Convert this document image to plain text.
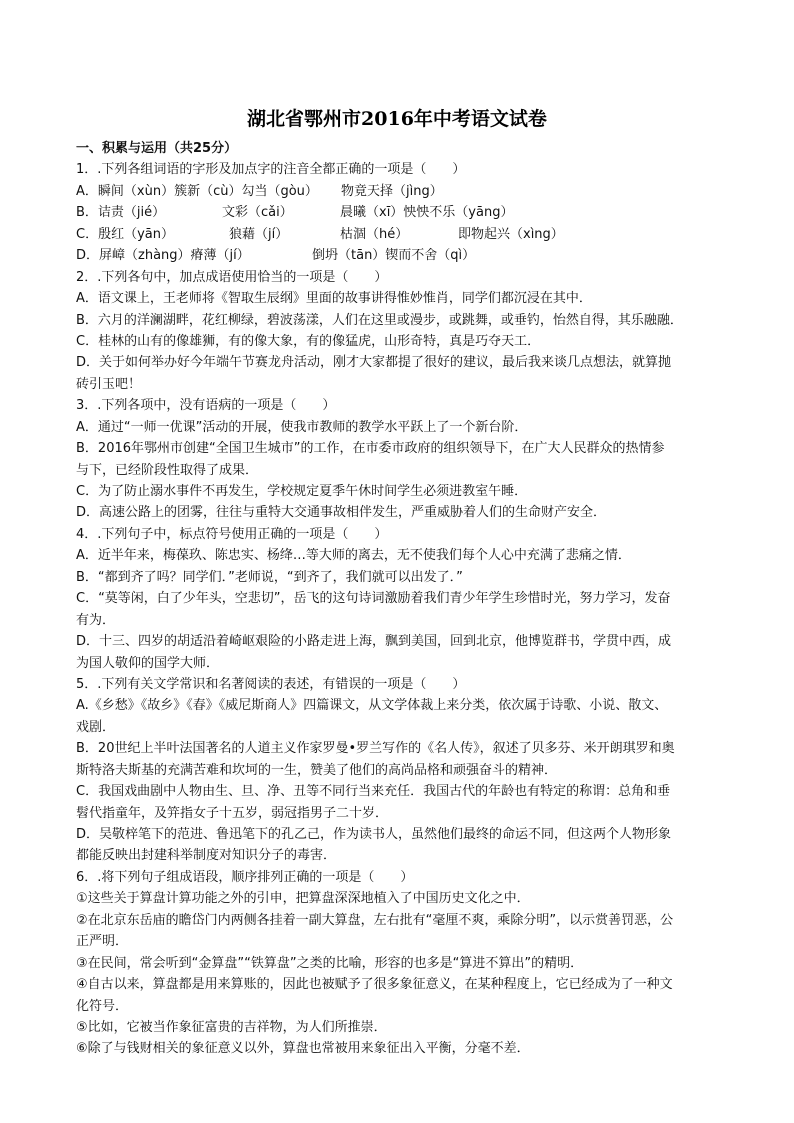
湖北省鄂州市2016年中考语文试卷
一、积累与运用（共25分）
1．.下列各组词语的字形及加点字的注音全都正确的一项是（　　）
A．瞬间（xùn）簇新（cù）勾当（gòu） 物竟天择（jìng）
B．诘责（jié）	文彩（cǎi）	晨曦（xī）怏怏不乐（yāng）
C．殷红（yān）	狼藉（jí）	枯涸（hé）	即物起兴（xìng）
D．屏嶂（zhàng）瘠薄（jí）	倒坍（tān）锲而不舍（qì）
2．.下列各句中，加点成语使用恰当的一项是（　　）
A．语文课上，王老师将《智取生辰纲》里面的故事讲得惟妙惟肖，同学们都沉浸在其中．
B．六月的洋澜湖畔，花红柳绿，碧波荡漾，人们在这里或漫步，或跳舞，或垂钓，怡然自得，其乐融融．
C．桂林的山有的像雄狮，有的像大象，有的像猛虎，山形奇特，真是巧夺天工．
D．关于如何举办好今年端午节赛龙舟活动，刚才大家都提了很好的建议，最后我来谈几点想法，就算抛
砖引玉吧！
3．.下列各项中，没有语病的一项是（　　）
A．通过“一师一优课”活动的开展，使我市教师的教学水平跃上了一个新台阶．
B．2016年鄂州市创建“全国卫生城市”的工作，在市委市政府的组织领导下，在广大人民群众的热情参
与下，已经阶段性取得了成果．
C．为了防止溺水事件不再发生，学校规定夏季午休时间学生必须进教室午睡．
D．高速公路上的团雾，往往与重特大交通事故相伴发生，严重威胁着人们的生命财产安全．
4．.下列句子中，标点符号使用正确的一项是（　　）
A．近半年来，梅葆玖、陈忠实、杨绛…等大师的离去，无不使我们每个人心中充满了悲痛之情．
B．“都到齐了吗？同学们．”老师说，“到齐了，我们就可以出发了．”
C．“莫等闲，白了少年头，空悲切”，岳飞的这句诗词激励着我们青少年学生珍惜时光，努力学习，发奋
有为．
D．十三、四岁的胡适沿着崎岖艰险的小路走进上海，飘到美国，回到北京，他博览群书，学贯中西，成
为国人敬仰的国学大师．
5．.下列有关文学常识和名著阅读的表述，有错误的一项是（　　）
A.《乡愁》《故乡》《春》《威尼斯商人》四篇课文，从文学体裁上来分类，依次属于诗歌、小说、散文、
戏剧．
B．20世纪上半叶法国著名的人道主义作家罗曼•罗兰写作的《名人传》，叙述了贝多芬、米开朗琪罗和奥
斯特洛夫斯基的充满苦难和坎坷的一生，赞美了他们的高尚品格和顽强奋斗的精神．
C．我国戏曲剧中人物由生、旦、净、丑等不同行当来充任．我国古代的年龄也有特定的称谓：总角和垂
髫代指童年，及笄指女子十五岁，弱冠指男子二十岁．
D．吴敬梓笔下的范进、鲁迅笔下的孔乙己，作为读书人，虽然他们最终的命运不同，但这两个人物形象
都能反映出封建科举制度对知识分子的毒害．
6．.将下列句子组成语段，顺序排列正确的一项是（　　）
①这些关于算盘计算功能之外的引申，把算盘深深地植入了中国历史文化之中．
②在北京东岳庙的瞻岱门内两侧各挂着一副大算盘，左右批有“毫厘不爽，乘除分明”，以示赏善罚恶，公
正严明．
③在民间，常会听到“金算盘”“铁算盘”之类的比喻，形容的也多是“算进不算出”的精明．
④自古以来，算盘都是用来算账的，因此也被赋予了很多象征意义，在某种程度上，它已经成为了一种文
化符号．
⑤比如，它被当作象征富贵的吉祥物，为人们所推崇．
⑥除了与钱财相关的象征意义以外，算盘也常被用来象征出入平衡，分毫不差．
